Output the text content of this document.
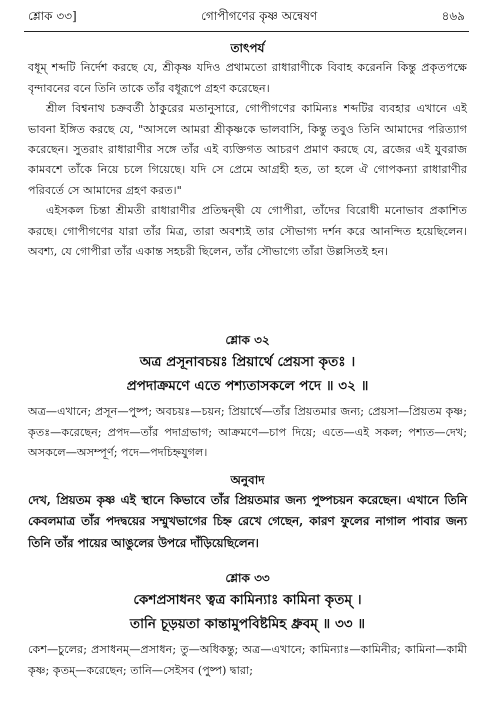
শ্লোক ৩৩]	গোপীগণের কৃষ্ণ অন্বেষণ	৪৬৯
তাৎপর্য

বধূম্‌ শব্দটি নির্দেশ করছে যে, শ্রীকৃষ্ণ যদিও প্রথামতো রাধারাণীকে বিবাহ করেননি কিন্তু প্রকৃতপক্ষে বৃন্দাবনের বনে তিনি তাকে তাঁর বধূরূপে গ্রহণ করেছেন।

শ্রীল বিশ্বনাথ চক্রবর্তী ঠাকুরের মতানুসারে, গোপীগণের কামিন্যঃ শব্দটির ব্যবহার এখানে এই ভাবনা ইঙ্গিত করছে যে, "আসলে আমরা শ্রীকৃষ্ণকে ভালবাসি, কিন্তু তবুও তিনি আমাদের পরিত্যাগ করেছেন। সুতরাং রাধারাণীর সঙ্গে তাঁর এই ব্যক্তিগত আচরণ প্রমাণ করছে যে, ব্রজের এই যুবরাজ কামবশে তাঁকে নিয়ে চলে গিয়েছে। যদি সে প্রেমে আগ্রহী হত, তা হলে ঐ গোপকন্যা রাধারাণীর পরিবর্তে সে আমাদের গ্রহণ করত।"

এইসকল চিন্তা শ্রীমতী রাধারাণীর প্রতিদ্বন্দ্বী যে গোপীরা, তাঁদের বিরোধী মনোভাব প্রকাশিত করছে। গোপীগণের যারা তাঁর মিত্র, তারা অবশ্যই তার সৌভাগ্য দর্শন করে আনন্দিত হয়েছিলেন। অবশ্য, যে গোপীরা তাঁর একান্ত সহচরী ছিলেন, তাঁর সৌভাগ্যে তাঁরা উল্লসিতই হন।

শ্লোক ৩২
অত্র প্রসূনাবচয়ঃ প্রিয়ার্থে প্রেয়সা কৃতঃ ।
প্রপদাক্রমণে এতে পশ্যতাসকলে পদে ॥ ৩২ ॥

অত্র—এখানে; প্রসূন—পুষ্প; অবচয়ঃ—চয়ন; প্রিয়ার্থে—তাঁর প্রিয়তমার জন্য; প্রেয়সা—প্রিয়তম কৃষ্ণ; কৃতঃ—করেছেন; প্রপদ—তাঁর পদাগ্রভাগ; আক্রমণে—চাপ দিয়ে; এতে—এই সকল; পশ্যত—দেখ; অসকলে—অসম্পূর্ণ; পদে—পদচিহ্নযুগল।

অনুবাদ

দেখ, প্রিয়তম কৃষ্ণ এই স্থানে কিভাবে তাঁর প্রিয়তমার জন্য পুষ্পচয়ন করেছেন। এখানে তিনি কেবলমাত্র তাঁর পদদ্বয়ের সম্মুখভাগের চিহ্ন রেখে গেছেন, কারণ ফুলের নাগাল পাবার জন্য তিনি তাঁর পায়ের আঙুলের উপরে দাঁড়িয়েছিলেন।

শ্লোক ৩৩
কেশপ্রসাধনং ত্বত্র কামিন্যাঃ কামিনা কৃতম্‌ ।
তানি চূড়য়তা কান্তামুপবিষ্টমিহ ধ্রুবম্‌ ॥ ৩৩ ॥

কেশ—চুলের; প্রসাধনম্‌—প্রসাধন; তু—অধিকন্তু; অত্র—এখানে; কামিন্যাঃ—কামিনীর; কামিনা—কামী কৃষ্ণ; কৃতম্‌—করেছেন; তানি—সেইসব (পুষ্প) দ্বারা;
